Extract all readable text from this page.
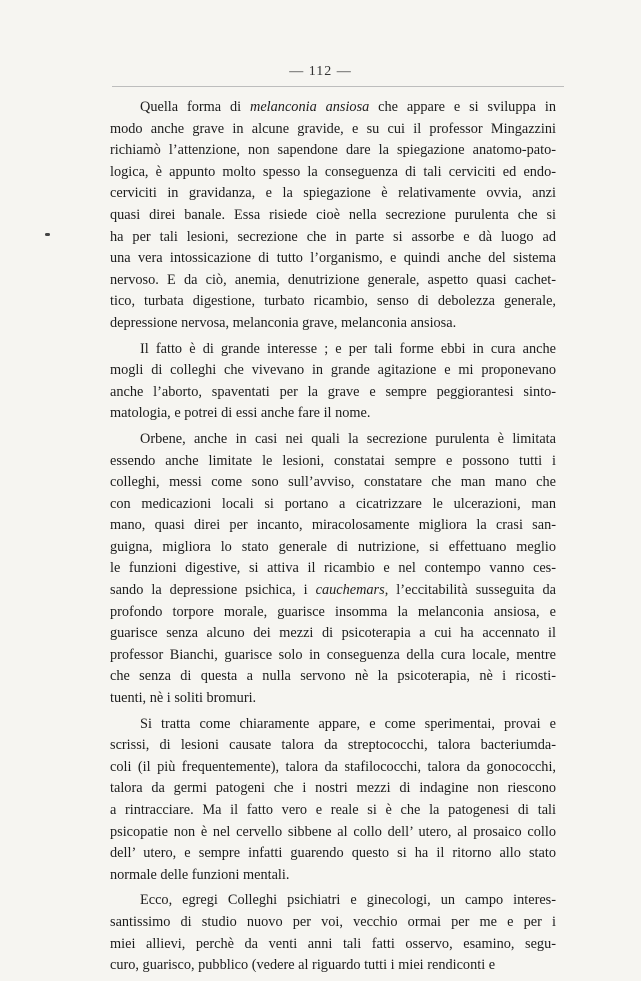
— 112 —
Quella forma di melanconia ansiosa che appare e si sviluppa in
modo anche grave in alcune gravide, e su cui il professor Mingazzini
richiamò l’attenzione, non sapendone dare la spiegazione anatomo-pato-
logica, è appunto molto spesso la conseguenza di tali cerviciti ed endo-
cerviciti in gravidanza, e la spiegazione è relativamente ovvia, anzi
quasi direi banale. Essa risiede cioè nella secrezione purulenta che si
ha per tali lesioni, secrezione che in parte si assorbe e dà luogo ad
una vera intossicazione di tutto l’organismo, e quindi anche del sistema
nervoso. E da ciò, anemia, denutrizione generale, aspetto quasi cachet-
tico, turbata digestione, turbato ricambio, senso di debolezza generale,
depressione nervosa, melanconia grave, melanconia ansiosa.
Il fatto è di grande interesse ; e per tali forme ebbi in cura anche
mogli di colleghi che vivevano in grande agitazione e mi proponevano
anche l’aborto, spaventati per la grave e sempre peggiorantesi sinto-
matologia, e potrei di essi anche fare il nome.
Orbene, anche in casi nei quali la secrezione purulenta è limitata
essendo anche limitate le lesioni, constatai sempre e possono tutti i
colleghi, messi come sono sull’avviso, constatare che man mano che
con medicazioni locali si portano a cicatrizzare le ulcerazioni, man
mano, quasi direi per incanto, miracolosamente migliora la crasi san-
guigna, migliora lo stato generale di nutrizione, si effettuano meglio
le funzioni digestive, si attiva il ricambio e nel contempo vanno ces-
sando la depressione psichica, i cauchemars, l’eccitabilità susseguita da
profondo torpore morale, guarisce insomma la melanconia ansiosa, e
guarisce senza alcuno dei mezzi di psicoterapia a cui ha accennato il
professor Bianchi, guarisce solo in conseguenza della cura locale, mentre
che senza di questa a nulla servono nè la psicoterapia, nè i ricosti-
tuenti, nè i soliti bromuri.
Si tratta come chiaramente appare, e come sperimentai, provai e
scrissi, di lesioni causate talora da streptococchi, talora bacteriumda-
coli (il più frequentemente), talora da stafilococchi, talora da gonococchi,
talora da germi patogeni che i nostri mezzi di indagine non riescono
a rintracciare. Ma il fatto vero e reale si è che la patogenesi di tali
psicopatie non è nel cervello sibbene al collo dell’ utero, al prosaico collo
dell’ utero, e sempre infatti guarendo questo si ha il ritorno allo stato
normale delle funzioni mentali.
Ecco, egregi Colleghi psichiatri e ginecologi, un campo interes-
santissimo di studio nuovo per voi, vecchio ormai per me e per i
miei allievi, perchè da venti anni tali fatti osservo, esamino, segu-
curo, guarisco, pubblico (vedere al riguardo tutti i miei rendiconti e
